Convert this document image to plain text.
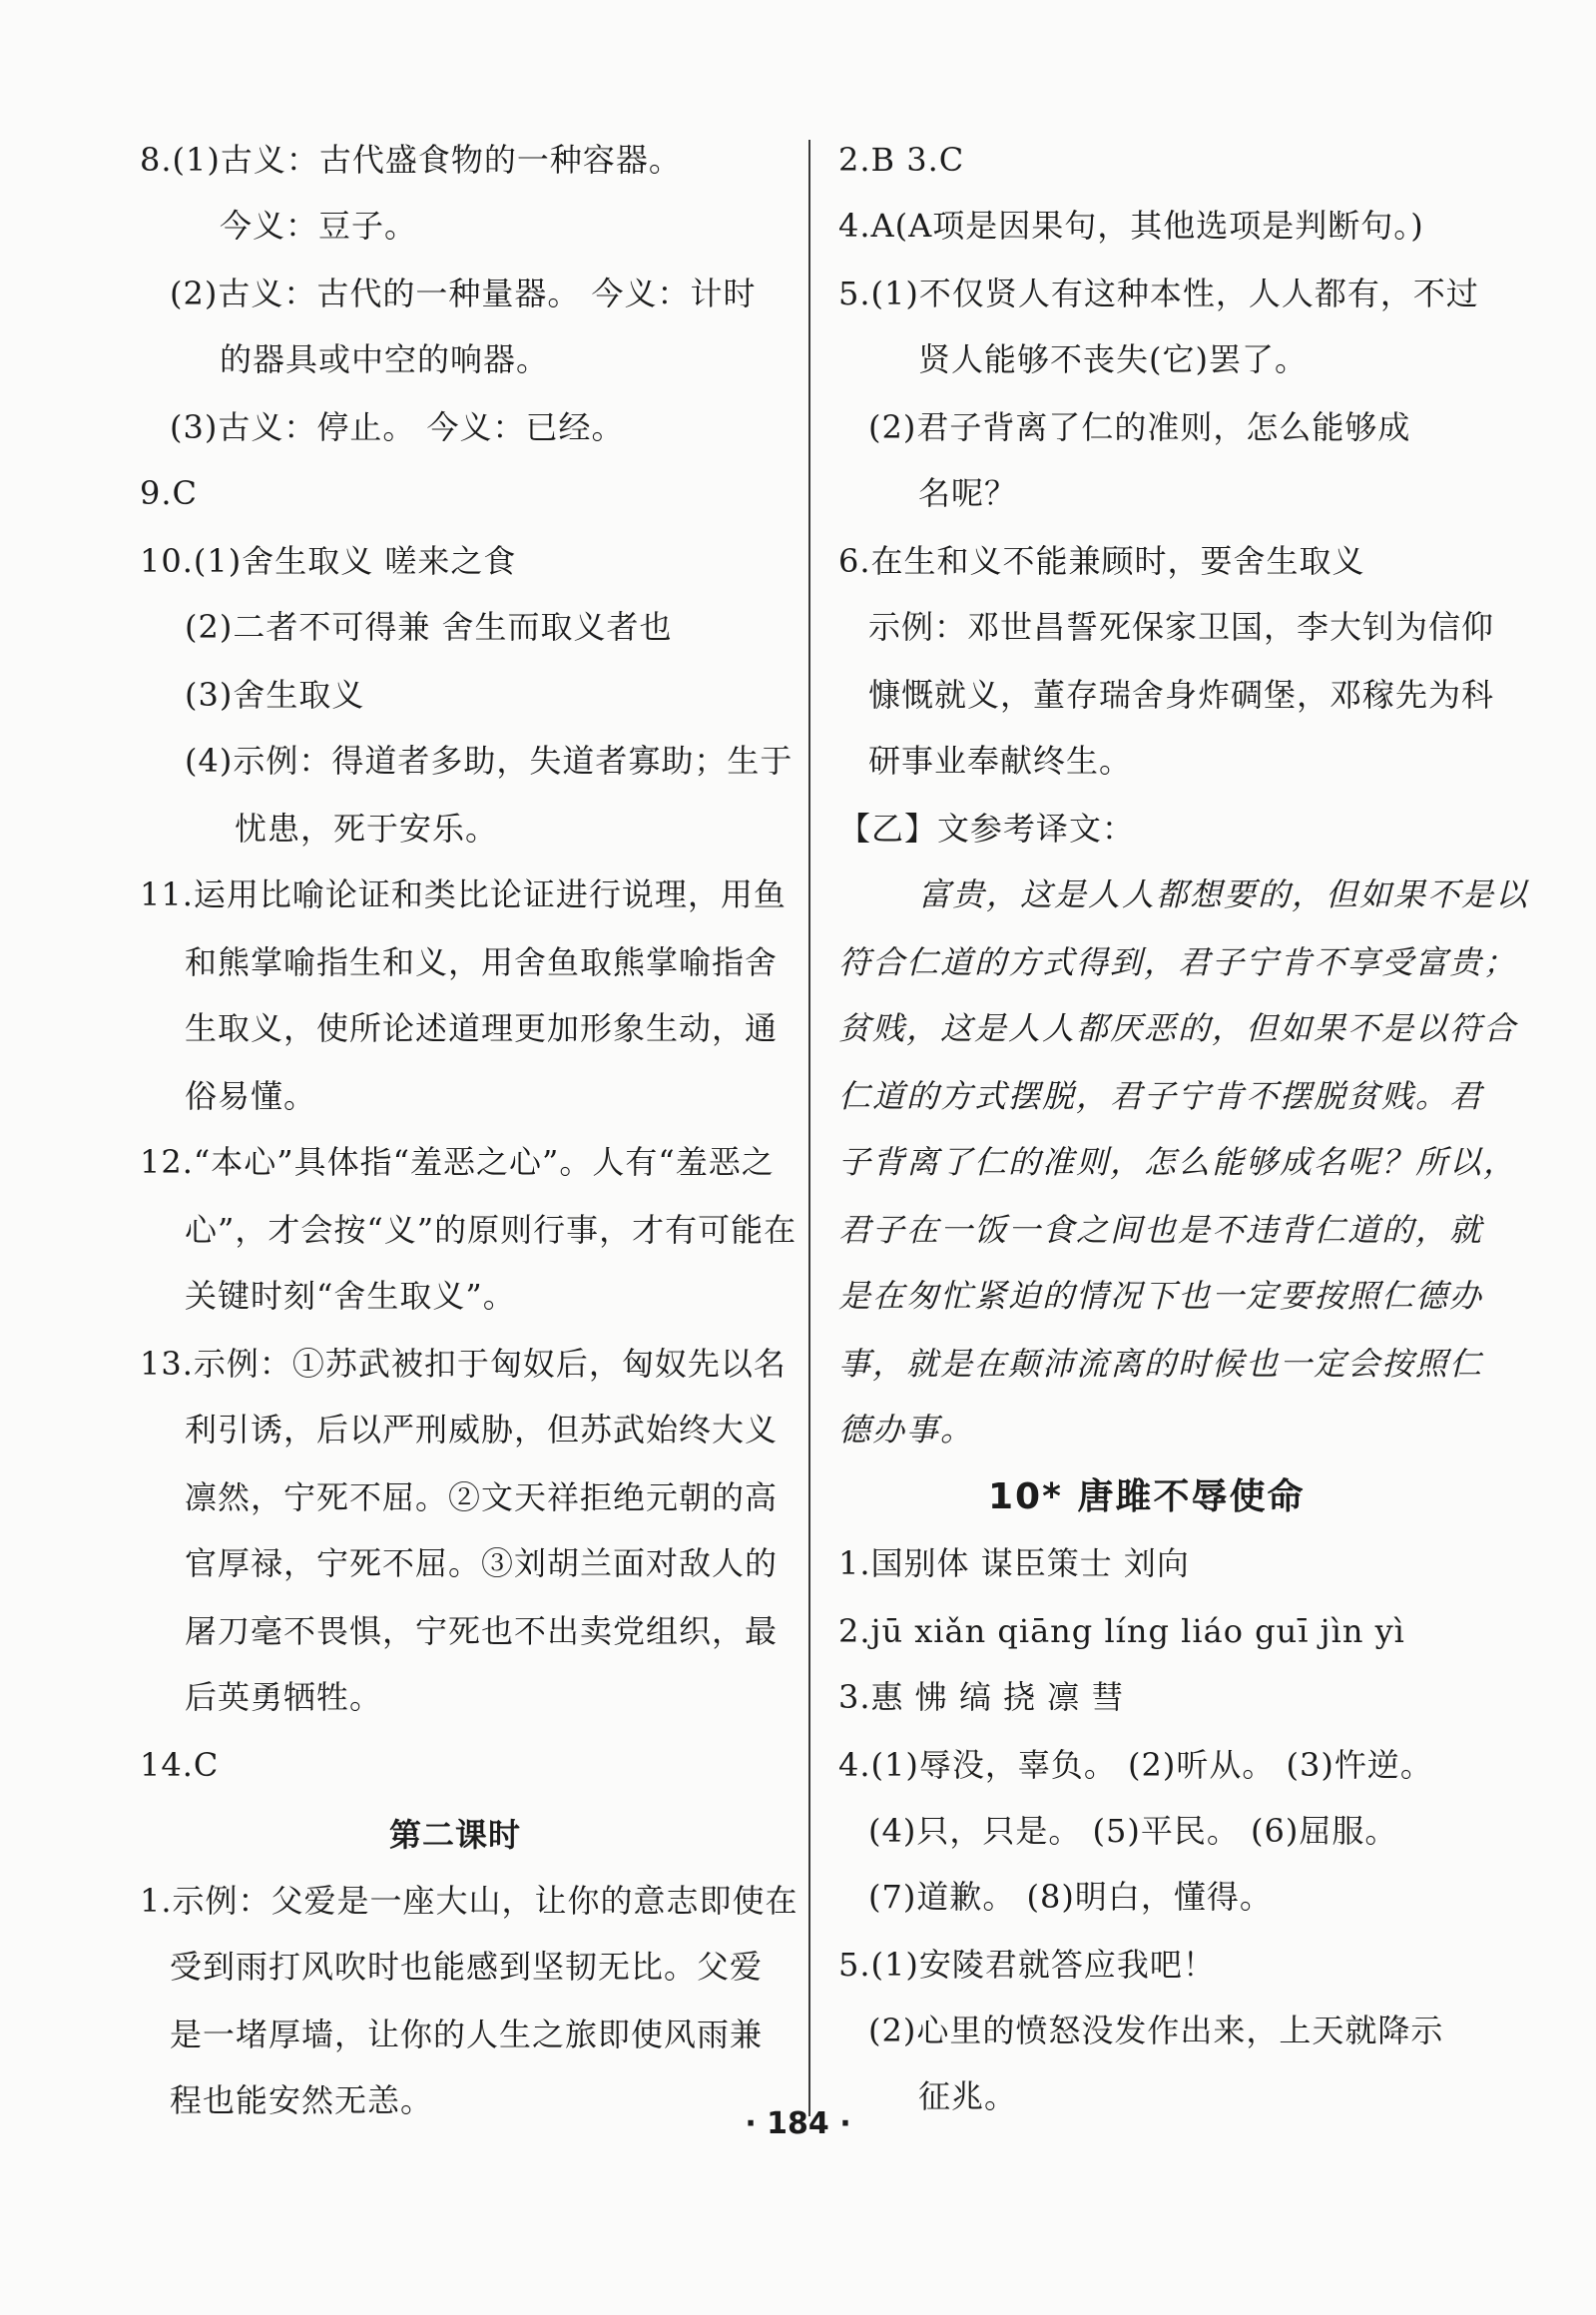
8.(1)古义：古代盛食物的一种容器。
今义：豆子。
(2)古义：古代的一种量器。 今义：计时
的器具或中空的响器。
(3)古义：停止。 今义：已经。
9.C
10.(1)舍生取义 嗟来之食
(2)二者不可得兼 舍生而取义者也
(3)舍生取义
(4)示例：得道者多助，失道者寡助；生于
忧患，死于安乐。
11.运用比喻论证和类比论证进行说理，用鱼
和熊掌喻指生和义，用舍鱼取熊掌喻指舍
生取义，使所论述道理更加形象生动，通
俗易懂。
12.“本心”具体指“羞恶之心”。人有“羞恶之
心”，才会按“义”的原则行事，才有可能在
关键时刻“舍生取义”。
13.示例：①苏武被扣于匈奴后，匈奴先以名
利引诱，后以严刑威胁，但苏武始终大义
凛然，宁死不屈。②文天祥拒绝元朝的高
官厚禄，宁死不屈。③刘胡兰面对敌人的
屠刀毫不畏惧，宁死也不出卖党组织，最
后英勇牺牲。
14.C
第二课时
1.示例：父爱是一座大山，让你的意志即使在
受到雨打风吹时也能感到坚韧无比。父爱
是一堵厚墙，让你的人生之旅即使风雨兼
程也能安然无恙。
2.B 3.C
4.A(A项是因果句，其他选项是判断句。)
5.(1)不仅贤人有这种本性，人人都有，不过
贤人能够不丧失(它)罢了。
(2)君子背离了仁的准则，怎么能够成
名呢？
6.在生和义不能兼顾时，要舍生取义
示例：邓世昌誓死保家卫国，李大钊为信仰
慷慨就义，董存瑞舍身炸碉堡，邓稼先为科
研事业奉献终生。
【乙】文参考译文：
富贵，这是人人都想要的，但如果不是以
符合仁道的方式得到，君子宁肯不享受富贵；
贫贱，这是人人都厌恶的，但如果不是以符合
仁道的方式摆脱，君子宁肯不摆脱贫贱。君
子背离了仁的准则，怎么能够成名呢？所以，
君子在一饭一食之间也是不违背仁道的，就
是在匆忙紧迫的情况下也一定要按照仁德办
事，就是在颠沛流离的时候也一定会按照仁
德办事。
10* 唐雎不辱使命
1.国别体 谋臣策士 刘向
2.jū xiǎn qiāng líng liáo guī jìn yì
3.惠 怫 缟 挠 凛 彗
4.(1)辱没，辜负。 (2)听从。 (3)忤逆。
(4)只，只是。 (5)平民。 (6)屈服。
(7)道歉。 (8)明白，懂得。
5.(1)安陵君就答应我吧！
(2)心里的愤怒没发作出来，上天就降示
征兆。
· 184 ·
